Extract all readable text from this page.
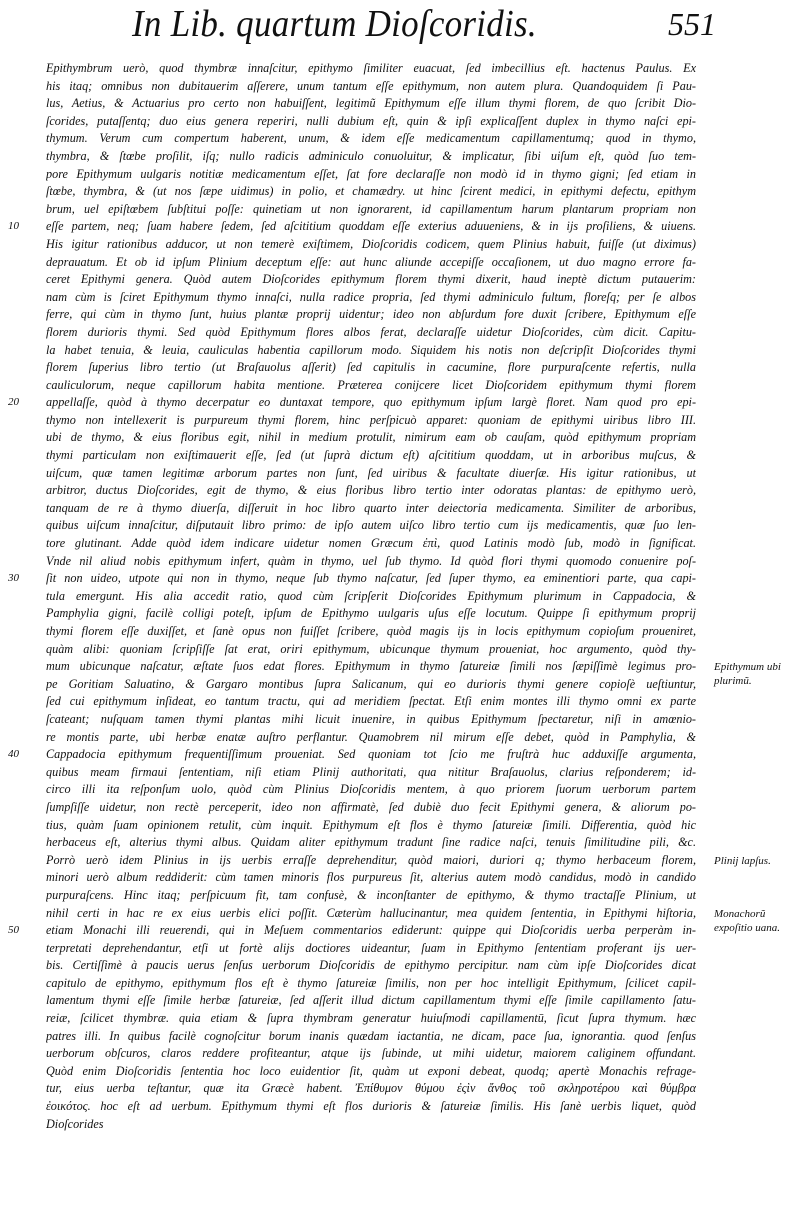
In Lib. quartum Dioſcoridis.	551
Epithymbrum uerò, quod thymbræ innaſcitur, epithymo ſimiliter euacuat, ſed imbecillius eſt. hactenus Paulus. Ex
his itaq; omnibus non dubitauerim aſſerere, unum tantum eſſe epithymum, non autem plura. Quandoquidem ſi Pau-
lus, Aetius, & Actuarius pro certo non habuiſſent, legitimũ Epithymum eſſe illum thymi florem, de quo ſcribit Dio-
ſcorides, putaſſentq; duo eius genera reperiri, nulli dubium eſt, quin & ipſi explicaſſent duplex in thymo naſci epi-
thymum. Verum cum compertum haberent, unum, & idem eſſe medicamentum capillamentumq; quod in thymo,
thymbra, & ſtœbe proſilit, iſq; nullo radicis adminiculo conuoluitur, & implicatur, ſibi uiſum eſt, quòd ſuo tem-
pore Epithymum uulgaris notitiæ medicamentum eſſet, ſat fore declaraſſe non modò id in thymo gigni; ſed etiam in
ſtœbe, thymbra, & (ut nos ſæpe uidimus) in polio, et chamædry. ut hinc ſcirent medici, in epithymi defectu, epithym
brum, uel epiſtœbem ſubſtitui poſſe: quinetiam ut non ignorarent, id capillamentum harum plantarum propriam non
eſſe partem, neq; ſuam habere ſedem, ſed aſcititium quoddam eſſe exterius aduueniens, & in ijs proſiliens, & uiuens.
His igitur rationibus adducor, ut non temerè exiſtimem, Dioſcoridis codicem, quem Plinius habuit, fuiſſe (ut diximus)
deprauatum. Et ob id ipſum Plinium deceptum eſſe: aut hunc aliunde accepiſſe occaſionem, ut duo magno errore fa-
ceret Epithymi genera. Quòd autem Dioſcorides epithymum florem thymi dixerit, haud ineptè dictum putauerim:
nam cùm is ſciret Epithymum thymo innaſci, nulla radice propria, ſed thymi adminiculo fultum, floreſq; per ſe albos
ferre, qui cùm in thymo ſunt, huius plantæ proprij uidentur; ideo non abſurdum fore duxit ſcribere, Epithymum eſſe
florem durioris thymi. Sed quòd Epithymum flores albos ferat, declaraſſe uidetur Dioſcorides, cùm dicit. Capitu-
la habet tenuia, & leuia, cauliculas habentia capillorum modo. Siquidem his notis non deſcripſit Dioſcorides thymi
florem ſuperius libro tertio (ut Braſauolus aſſerit) ſed capitulis in cacumine, flore purpuraſcente refertis, nulla
cauliculorum, neque capillorum habita mentione. Præterea conijcere licet Dioſcoridem epithymum thymi florem
appellaſſe, quòd à thymo decerpatur eo duntaxat tempore, quo epithymum ipſum largè floret. Nam quod pro epi-
thymo non intellexerit is purpureum thymi florem, hinc perſpicuò apparet: quoniam de epithymi uiribus libro III.
ubi de thymo, & eius floribus egit, nihil in medium protulit, nimirum eam ob cauſam, quòd epithymum propriam
thymi particulam non exiſtimauerit eſſe, ſed (ut ſuprà dictum eſt) aſcititium quoddam, ut in arboribus muſcus, &
uiſcum, quæ tamen legitimæ arborum partes non ſunt, ſed uiribus & facultate diuerſæ. His igitur rationibus, ut
arbitror, ductus Dioſcorides, egit de thymo, & eius floribus libro tertio inter odoratas plantas: de epithymo uerò,
tanquam de re à thymo diuerſa, diſſeruit in hoc libro quarto inter deiectoria medicamenta. Similiter de arboribus,
quibus uiſcum innaſcitur, diſputauit libro primo: de ipſo autem uiſco libro tertio cum ijs medicamentis, quæ ſuo len-
tore glutinant. Adde quòd idem indicare uidetur nomen Græcum ἐπὶ, quod Latinis modò ſub, modò in ſignificat.
Vnde nil aliud nobis epithymum infert, quàm in thymo, uel ſub thymo. Id quòd flori thymi quomodo conuenire poſ-
ſit non uideo, utpote qui non in thymo, neque ſub thymo naſcatur, ſed ſuper thymo, ea eminentiori parte, qua capi-
tula emergunt. His alia accedit ratio, quod cùm ſcripſerit Dioſcorides Epithymum plurimum in Cappadocia, &
Pamphylia gigni, facilè colligi poteſt, ipſum de Epithymo uulgaris uſus eſſe locutum. Quippe ſi epithymum proprij
thymi florem eſſe duxiſſet, et ſanè opus non fuiſſet ſcribere, quòd magis ijs in locis epithymum copioſum proueniret,
quàm alibi: quoniam ſcripſiſſe ſat erat, oriri epithymum, ubicunque thymum proueniat, hoc argumento, quòd thy-
mum ubicunque naſcatur, æſtate ſuos edat flores. Epithymum in thymo ſatureiæ ſimili nos ſæpiſſimè legimus pro-
pe Goritiam Saluatino, & Gargaro montibus ſupra Salicanum, qui eo durioris thymi genere copioſè ueſtiuntur,
ſed cui epithymum inſideat, eo tantum tractu, qui ad meridiem ſpectat. Etſi enim montes illi thymo omni ex parte
ſcateant; nuſquam tamen thymi plantas mihi licuit inuenire, in quibus Epithymum ſpectaretur, niſi in amœnio-
re montis parte, ubi herbæ enatæ auſtro perflantur. Quamobrem nil mirum eſſe debet, quòd in Pamphylia, &
Cappadocia epithymum frequentiſſimum proueniat. Sed quoniam tot ſcio me fruſtrà huc adduxiſſe argumenta,
quibus meam firmaui ſententiam, niſi etiam Plinij authoritati, qua nititur Braſauolus, clarius reſponderem; id-
circo illi ita reſponſum uolo, quòd cùm Plinius Dioſcoridis mentem, à quo priorem ſuorum uerborum partem
ſumpſiſſe uidetur, non rectè perceperit, ideo non affirmatè, ſed dubiè duo fecit Epithymi genera, & aliorum po-
tius, quàm ſuam opinionem retulit, cùm inquit. Epithymum eſt flos è thymo ſatureiæ ſimili. Differentia, quòd hic
herbaceus eſt, alterius thymi albus. Quidam aliter epithymum tradunt ſine radice naſci, tenuis ſimilitudine pili, &c.
Porrò uerò idem Plinius in ijs uerbis erraſſe deprehenditur, quòd maiori, duriori q; thymo herbaceum florem,
minori uerò album reddiderit: cùm tamen minoris flos purpureus ſit, alterius autem modò candidus, modò in candido
purpuraſcens. Hinc itaq; perſpicuum fit, tam confusè, & inconſtanter de epithymo, & thymo tractaſſe Plinium, ut
nihil certi in hac re ex eius uerbis elici poſſit. Cæterùm hallucinantur, mea quidem ſententia, in Epithymi hiſtoria,
etiam Monachi illi reuerendi, qui in Meſuem commentarios ediderunt: quippe qui Dioſcoridis uerba perperàm in-
terpretati deprehendantur, etſi ut fortè alijs doctiores uideantur, ſuam in Epithymo ſententiam proferant ijs uer-
bis. Certiſſimè à paucis uerus ſenſus uerborum Dioſcoridis de epithymo percipitur. nam cùm ipſe Dioſcorides dicat
capitulo de epithymo, epithymum flos eſt è thymo ſatureiæ ſimilis, non per hoc intelligit Epithymum, ſcilicet capil-
lamentum thymi eſſe ſimile herbæ ſatureiæ, ſed aſſerit illud dictum capillamentum thymi eſſe ſimile capillamento ſatu-
reiæ, ſcilicet thymbræ. quia etiam & ſupra thymbram generatur huiuſmodi capillamentū, ſicut ſupra thymum. hæc
patres illi. In quibus facilè cognoſcitur borum inanis quædam iactantia, ne dicam, pace ſua, ignorantia. quod ſenſus
uerborum obſcuros, claros reddere profiteantur, atque ijs ſubinde, ut mihi uidetur, maiorem caliginem offundant.
Quòd enim Dioſcoridis ſententia hoc loco euidentior ſit, quàm ut exponi debeat, quodq; apertè Monachis refrage-
tur, eius uerba teſtantur, quæ ita Græcè habent. Ἐπίθυμον θύμου ἐςὶν ἄνθος τοῦ σκληροτέρου καὶ θύμβρα
ἐοικότος. hoc eſt ad uerbum. Epithymum thymi eſt flos durioris & ſatureiæ ſimilis. His ſanè uerbis liquet, quòd
Dioſcorides
10
20
30
40
50
Epithymum ubi plurimũ.
Plinij lapſus.
Monachorũ expoſitio uana.
